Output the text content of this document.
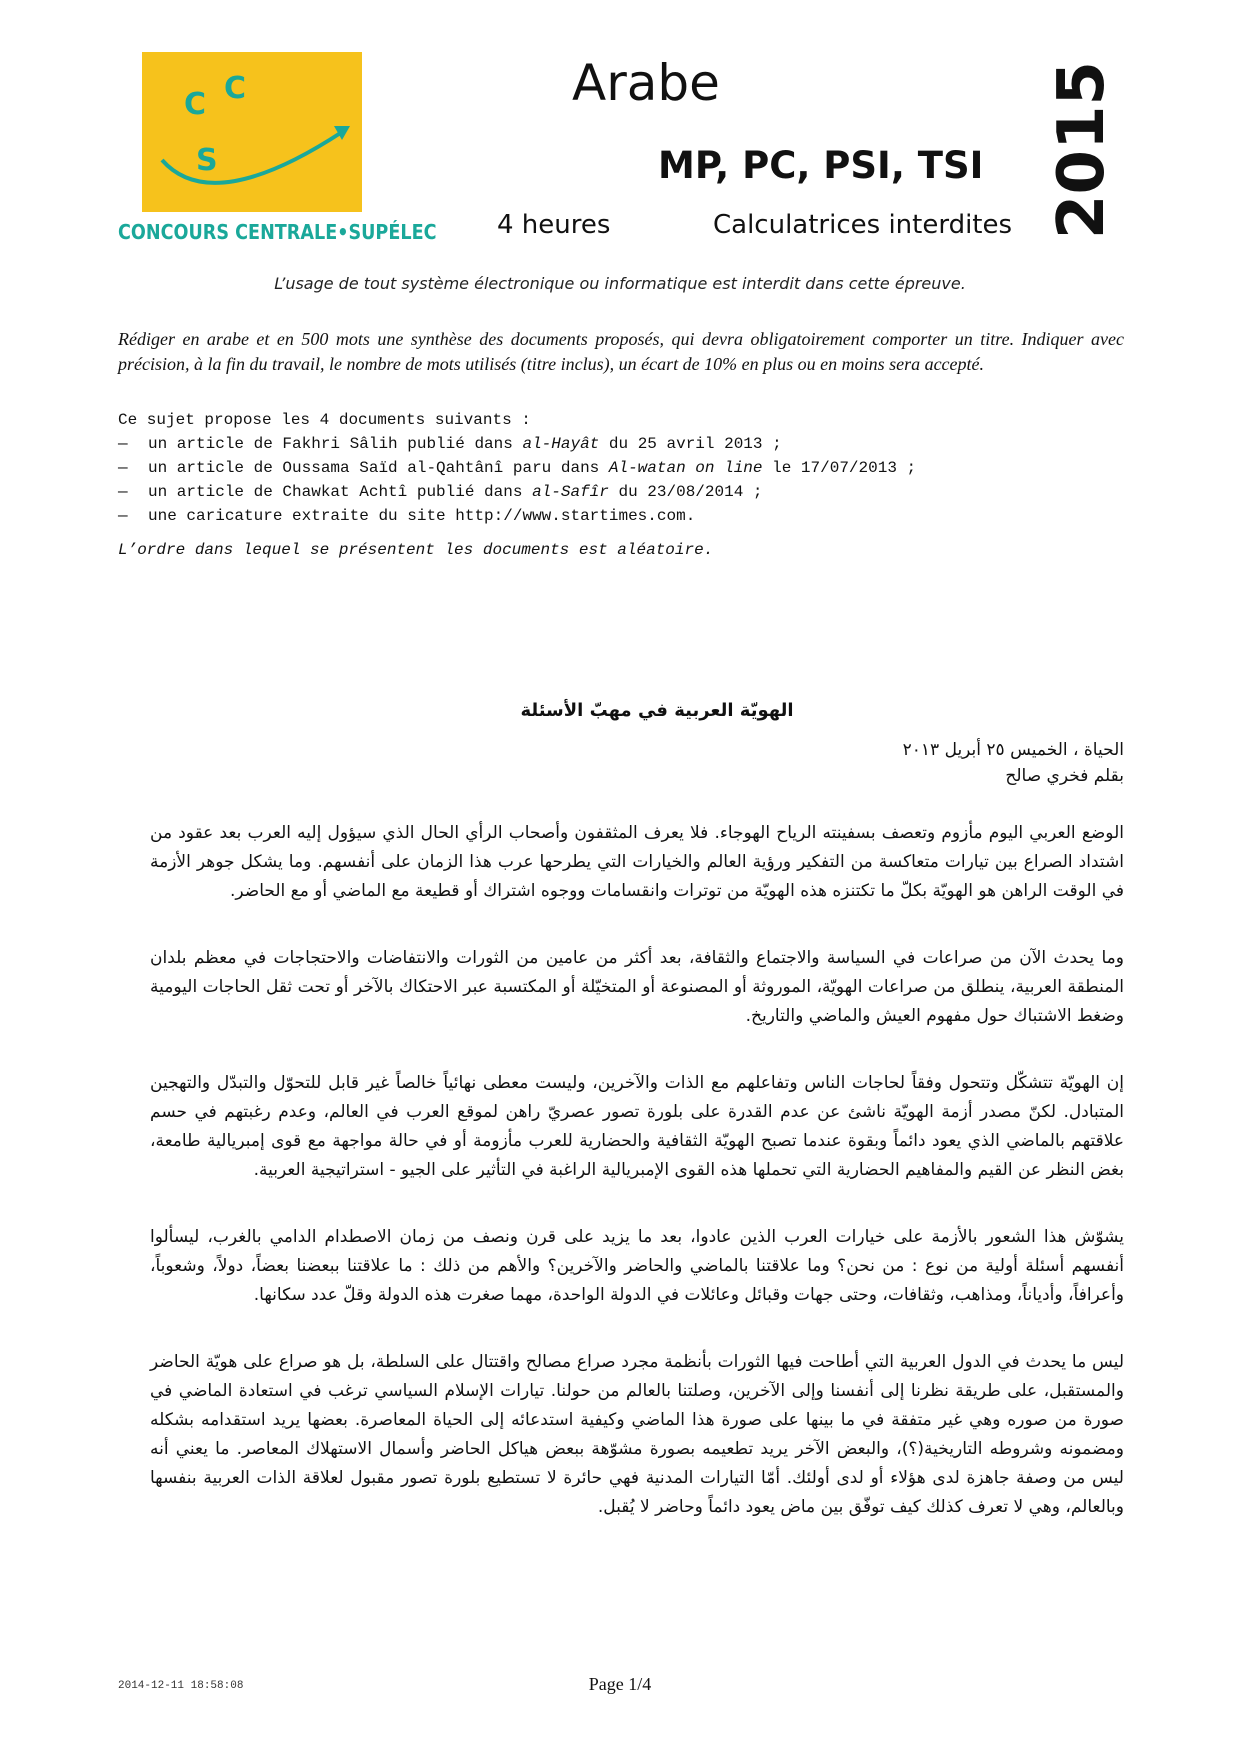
C C
S
CONCOURS CENTRALE•SUPÉLEC
Arabe
MP, PC, PSI, TSI
4 heures	Calculatrices interdites 2015
L’usage de tout système électronique ou informatique est interdit dans cette épreuve.
Rédiger en arabe et en 500 mots une synthèse des documents proposés, qui devra obligatoirement comporter un titre. Indiquer avec précision, à la fin du travail, le nombre de mots utilisés (titre inclus), un écart de 10% en plus ou en moins sera accepté.
Ce sujet propose les 4 documents suivants :
—	un article de Fakhri Sâlih publié dans al-Hayât du 25 avril 2013 ;
—	un article de Oussama Saïd al-Qahtânî paru dans Al-watan on line le 17/07/2013 ;
—	un article de Chawkat Achtî publié dans al-Safîr du 23/08/2014 ;
—	une caricature extraite du site http://www.startimes.com.
L’ordre dans lequel se présentent les documents est aléatoire.
الهويّة العربية في مهبّ الأسئلة
الحياة ، الخميس ٢٥ أبريل ٢٠١٣
بقلم فخري صالح

الوضع العربي اليوم مأزوم وتعصف بسفينته الرياح الهوجاء. فلا يعرف المثقفون وأصحاب الرأي الحال الذي سيؤول إليه العرب بعد عقود من اشتداد الصراع بين تيارات متعاكسة من التفكير ورؤية العالم والخيارات التي يطرحها عرب هذا الزمان على أنفسهم. وما يشكل جوهر الأزمة في الوقت الراهن هو الهويّة بكلّ ما تكتنزه هذه الهويّة من توترات وانقسامات ووجوه اشتراك أو قطيعة مع الماضي أو مع الحاضر.

وما يحدث الآن من صراعات في السياسة والاجتماع والثقافة، بعد أكثر من عامين من الثورات والانتفاضات والاحتجاجات في معظم بلدان المنطقة العربية، ينطلق من صراعات الهويّة، الموروثة أو المصنوعة أو المتخيّلة أو المكتسبة عبر الاحتكاك بالآخر أو تحت ثقل الحاجات اليومية وضغط الاشتباك حول مفهوم العيش والماضي والتاريخ.

إن الهويّة تتشكّل وتتحول وفقاً لحاجات الناس وتفاعلهم مع الذات والآخرين، وليست معطى نهائياً خالصاً غير قابل للتحوّل والتبدّل والتهجين المتبادل. لكنّ مصدر أزمة الهويّة ناشئ عن عدم القدرة على بلورة تصور عصريّ راهن لموقع العرب في العالم، وعدم رغبتهم في حسم علاقتهم بالماضي الذي يعود دائماً وبقوة عندما تصبح الهويّة الثقافية والحضارية للعرب مأزومة أو في حالة مواجهة مع قوى إمبريالية طامعة، بغض النظر عن القيم والمفاهيم الحضارية التي تحملها هذه القوى الإمبريالية الراغبة في التأثير على الجيو - استراتيجية العربية.

يشوّش هذا الشعور بالأزمة على خيارات العرب الذين عادوا، بعد ما يزيد على قرن ونصف من زمان الاصطدام الدامي بالغرب، ليسألوا أنفسهم أسئلة أولية من نوع : من نحن؟ وما علاقتنا بالماضي والحاضر والآخرين؟ والأهم من ذلك : ما علاقتنا ببعضنا بعضاً، دولاً، وشعوباً، وأعرافاً، وأدياناً، ومذاهب، وثقافات، وحتى جهات وقبائل وعائلات في الدولة الواحدة، مهما صغرت هذه الدولة وقلّ عدد سكانها.

ليس ما يحدث في الدول العربية التي أطاحت فيها الثورات بأنظمة مجرد صراع مصالح واقتتال على السلطة، بل هو صراع على هويّة الحاضر والمستقبل، على طريقة نظرنا إلى أنفسنا وإلى الآخرين، وصلتنا بالعالم من حولنا. تيارات الإسلام السياسي ترغب في استعادة الماضي في صورة من صوره وهي غير متفقة في ما بينها على صورة هذا الماضي وكيفية استدعائه إلى الحياة المعاصرة. بعضها يريد استقدامه بشكله ومضمونه وشروطه التاريخية(؟)، والبعض الآخر يريد تطعيمه بصورة مشوّهة ببعض هياكل الحاضر وأسمال الاستهلاك المعاصر. ما يعني أنه ليس من وصفة جاهزة لدى هؤلاء أو لدى أولئك. أمّا التيارات المدنية فهي حائرة لا تستطيع بلورة تصور مقبول لعلاقة الذات العربية بنفسها وبالعالم، وهي لا تعرف كذلك كيف توفّق بين ماض يعود دائماً وحاضر لا يُقبل.

2014-12-11 18:58:08	Page 1/4
